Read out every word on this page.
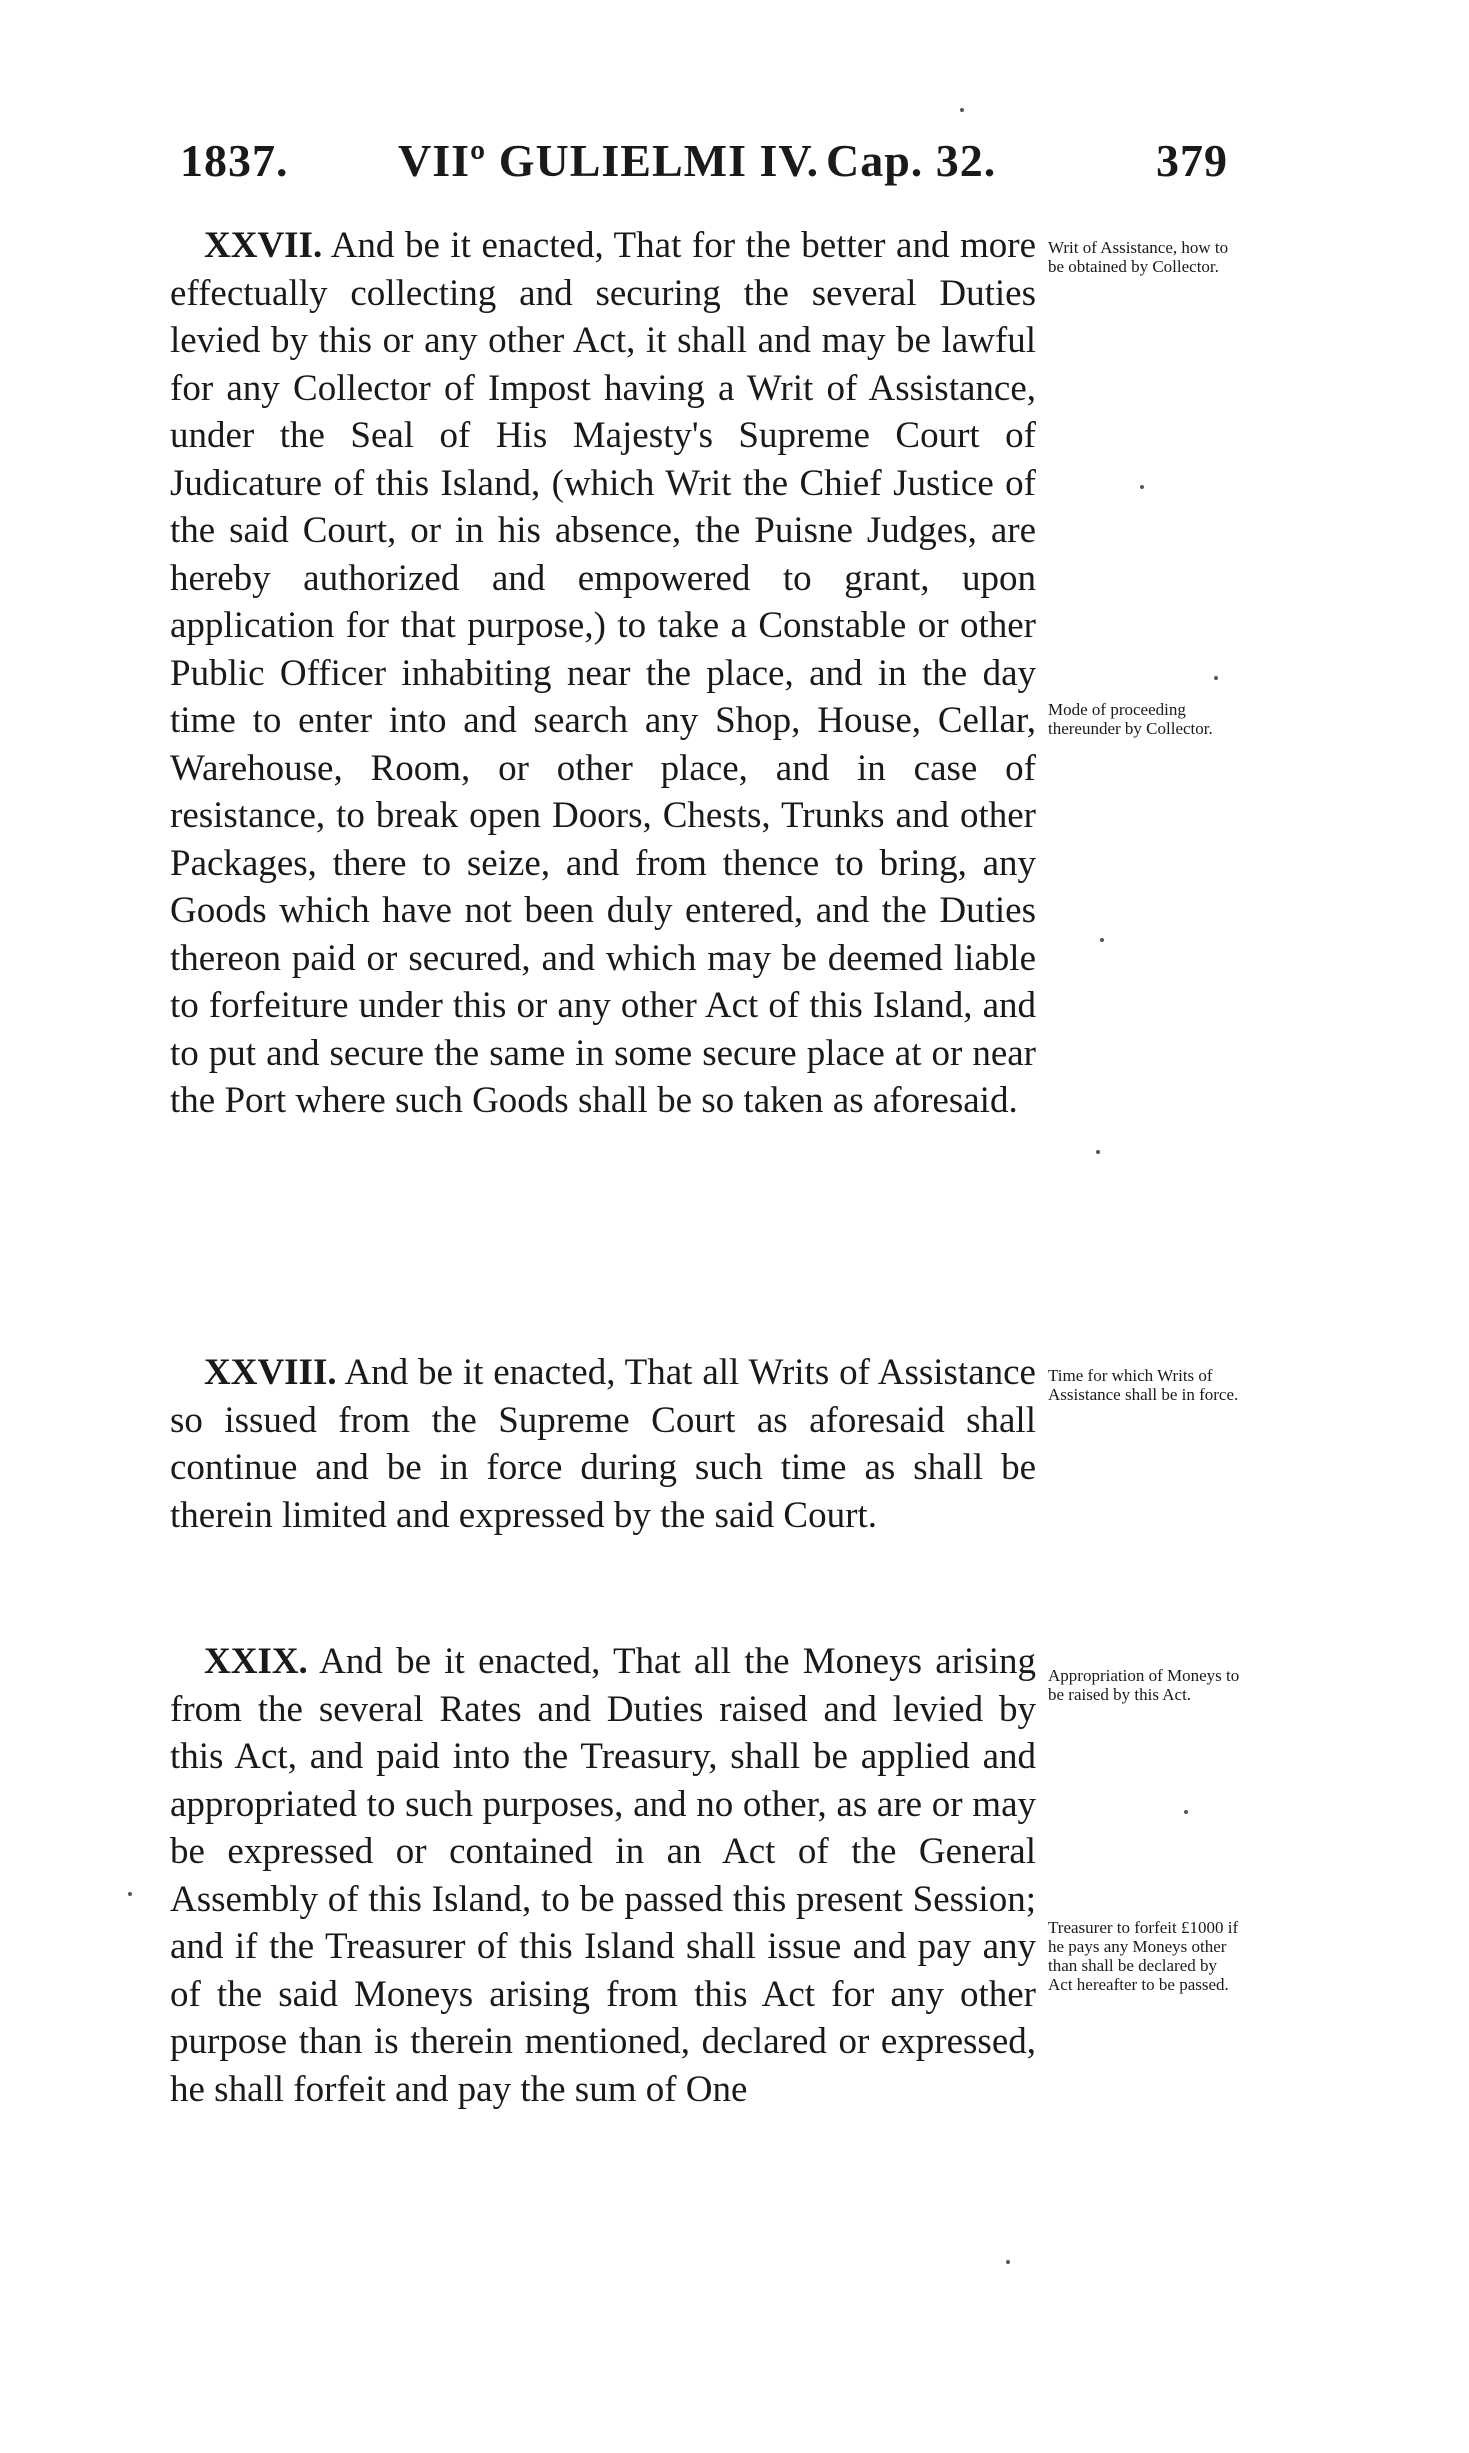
1837. VIIº GULIELMI IV. Cap. 32.	379

XXVII. And be it enacted, That for the better and more effectually collecting and securing the several Duties levied by this or any other Act, it shall and may be lawful for any Collector of Impost having a Writ of Assistance, under the Seal of His Majesty's Supreme Court of Judicature of this Island, (which Writ the Chief Justice of the said Court, or in his absence, the Puisne Judges, are hereby authorized and empowered to grant, upon application for that purpose,) to take a Constable or other Public Officer inhabiting near the place, and in the day time to enter into and search any Shop, House, Cellar, Warehouse, Room, or other place, and in case of resistance, to break open Doors, Chests, Trunks and other Packages, there to seize, and from thence to bring, any Goods which have not been duly entered, and the Duties thereon paid or secured, and which may be deemed liable to forfeiture under this or any other Act of this Island, and to put and secure the same in some secure place at or near the Port where such Goods shall be so taken as aforesaid.

XXVIII. And be it enacted, That all Writs of Assistance so issued from the Supreme Court as aforesaid shall continue and be in force during such time as shall be therein limited and expressed by the said Court.

XXIX. And be it enacted, That all the Moneys arising from the several Rates and Duties raised and levied by this Act, and paid into the Treasury, shall be applied and appropriated to such purposes, and no other, as are or may be expressed or contained in an Act of the General Assembly of this Island, to be passed this present Session; and if the Treasurer of this Island shall issue and pay any of the said Moneys arising from this Act for any other purpose than is therein mentioned, declared or expressed, he shall forfeit and pay the sum of One

Writ of Assistance, how to be obtained by Collector.
Mode of proceeding thereunder by Collector.
Time for which Writs of Assistance shall be in force.
Appropriation of Moneys to be raised by this Act.
Treasurer to forfeit £1000 if he pays any Moneys other than shall be declared by Act hereafter to be passed.
